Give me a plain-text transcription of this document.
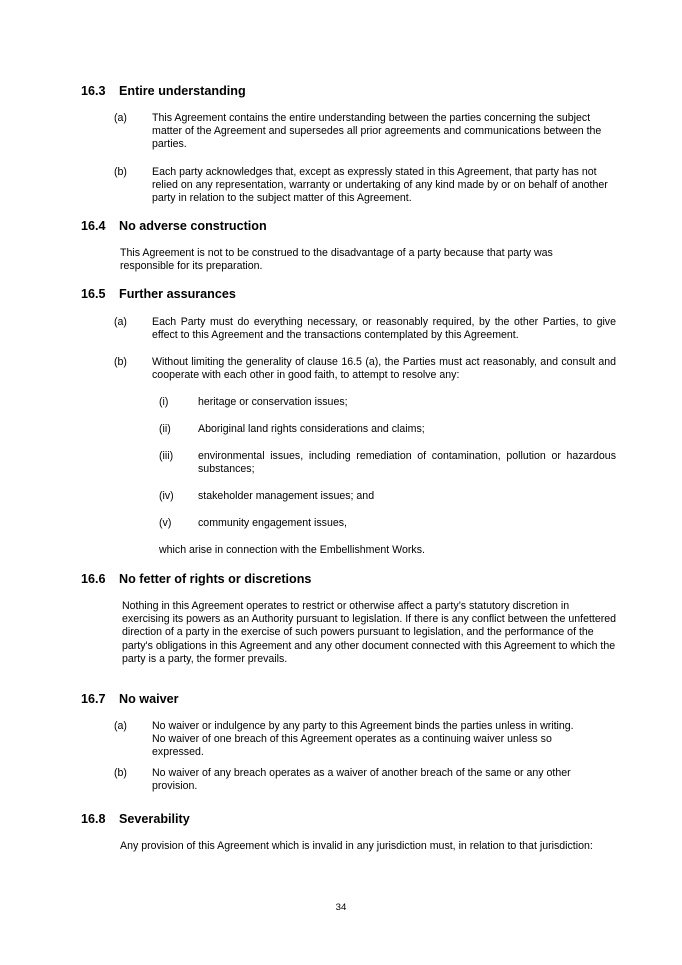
16.3 Entire understanding
(a) This Agreement contains the entire understanding between the parties concerning the subject matter of the Agreement and supersedes all prior agreements and communications between the parties.

(b) Each party acknowledges that, except as expressly stated in this Agreement, that party has not relied on any representation, warranty or undertaking of any kind made by or on behalf of another party in relation to the subject matter of this Agreement.

16.4 No adverse construction

This Agreement is not to be construed to the disadvantage of a party because that party was responsible for its preparation.

16.5 Further assurances
(a) Each Party must do everything necessary, or reasonably required, by the other Parties, to give effect to this Agreement and the transactions contemplated by this Agreement.

(b) Without limiting the generality of clause 16.5 (a), the Parties must act reasonably, and consult and cooperate with each other in good faith, to attempt to resolve any:

(i)	heritage or conservation issues;

(ii)	Aboriginal land rights considerations and claims;

(iii) environmental issues, including remediation of contamination, pollution or hazardous substances;

(iv) stakeholder management issues; and

(v)	community engagement issues,

which arise in connection with the Embellishment Works.

16.6 No fetter of rights or discretions

Nothing in this Agreement operates to restrict or otherwise affect a party’s statutory discretion in exercising its powers as an Authority pursuant to legislation. If there is any conflict between the unfettered direction of a party in the exercise of such powers pursuant to legislation, and the performance of the party's obligations in this Agreement and any other document connected with this Agreement to which the party is a party, the former prevails.

16.7 No waiver
(a) No waiver or indulgence by any party to this Agreement binds the parties unless in writing. No waiver of one breach of this Agreement operates as a continuing waiver unless so expressed.

(b) No waiver of any breach operates as a waiver of another breach of the same or any other provision.

16.8 Severability

Any provision of this Agreement which is invalid in any jurisdiction must, in relation to that jurisdiction:

34
